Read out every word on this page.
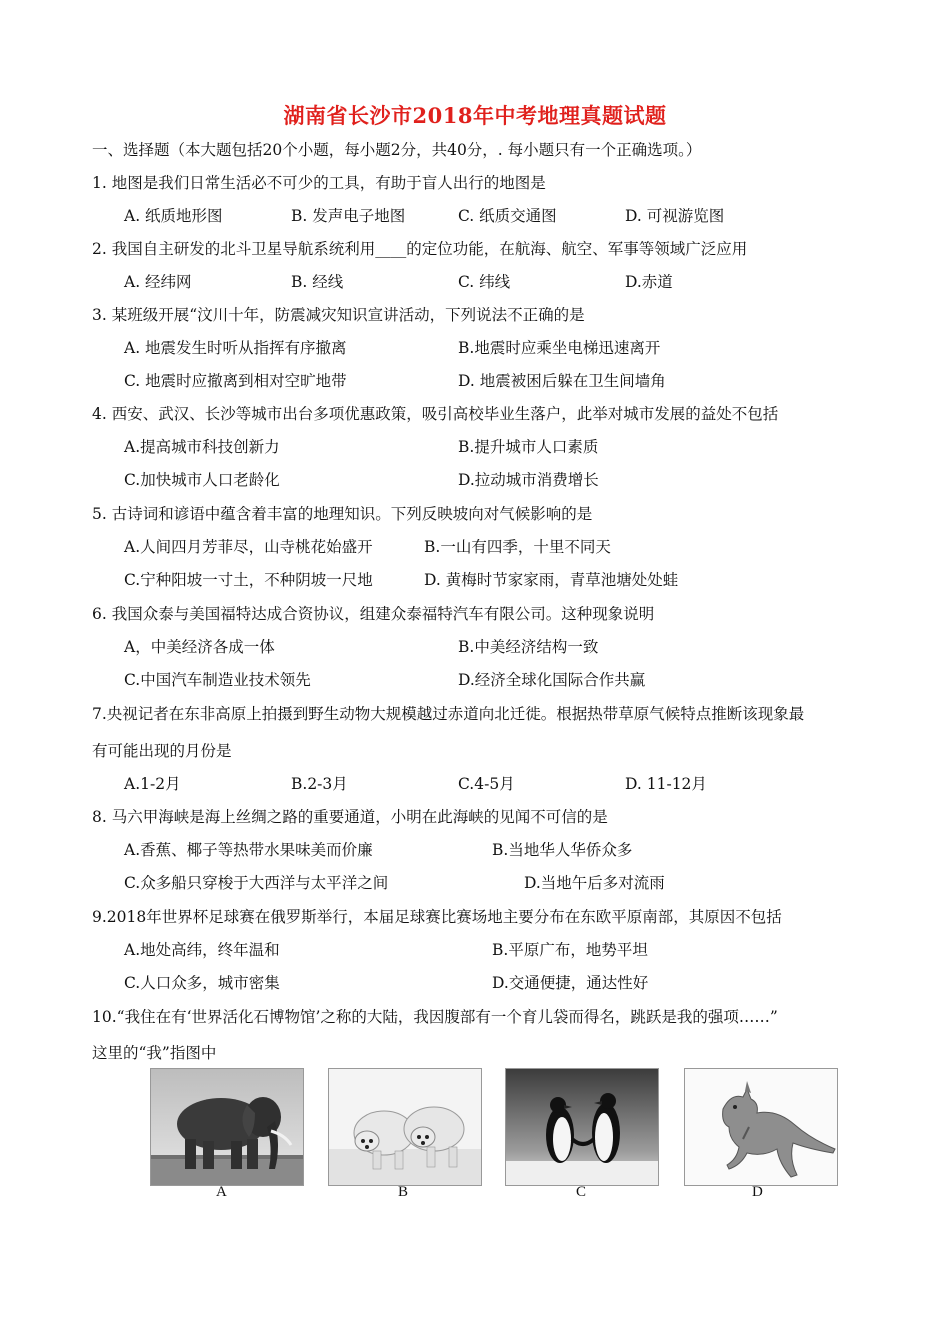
湖南省长沙市2018年中考地理真题试题
一、选择题（本大题包括20个小题，每小题2分，共40分，. 每小题只有一个正确选项。）
1. 地图是我们日常生活必不可少的工具，有助于盲人出行的地图是
A. 纸质地形图	B. 发声电子地图	C. 纸质交通图	D. 可视游览图
2. 我国自主研发的北斗卫星导航系统利用____的定位功能，在航海、航空、军事等领域广泛应用
A. 经纬网	B. 经线	C. 纬线	D.赤道
3. 某班级开展“汶川十年，防震减灾知识宣讲活动，下列说法不正确的是
A. 地震发生时听从指挥有序撤离	B.地震时应乘坐电梯迅速离开
C. 地震时应撤离到相对空旷地带	D. 地震被困后躲在卫生间墙角
4. 西安、武汉、长沙等城市出台多项优惠政策，吸引高校毕业生落户，此举对城市发展的益处不包括
A.提高城市科技创新力	B.提升城市人口素质
C.加快城市人口老龄化	D.拉动城市消费增长
5. 古诗词和谚语中蕴含着丰富的地理知识。下列反映坡向对气候影响的是
A.人间四月芳菲尽，山寺桃花始盛开	B.一山有四季，十里不同天
C.宁种阳坡一寸土，不种阴坡一尺地	D. 黄梅时节家家雨，青草池塘处处蛙
6. 我国众泰与美国福特达成合资协议，组建众泰福特汽车有限公司。这种现象说明
A，中美经济各成一体	B.中美经济结构一致
C.中国汽车制造业技术领先	D.经济全球化国际合作共赢
7.央视记者在东非高原上拍摄到野生动物大规模越过赤道向北迁徙。根据热带草原气候特点推断该现象最
有可能出现的月份是
A.1-2月	B.2-3月	C.4-5月	D. 11-12月
8. 马六甲海峡是海上丝绸之路的重要通道，小明在此海峡的见闻不可信的是
A.香蕉、椰子等热带水果味美而价廉	B.当地华人华侨众多
C.众多船只穿梭于大西洋与太平洋之间	D.当地午后多对流雨
9.2018年世界杯足球赛在俄罗斯举行，本届足球赛比赛场地主要分布在东欧平原南部，其原因不包括
A.地处高纬，终年温和	B.平原广布，地势平坦
C.人口众多，城市密集	D.交通便捷，通达性好
10.“我住在有‘世界活化石博物馆’之称的大陆，我因腹部有一个育儿袋而得名，跳跃是我的强项……”
这里的“我”指图中
A	B	C	D
